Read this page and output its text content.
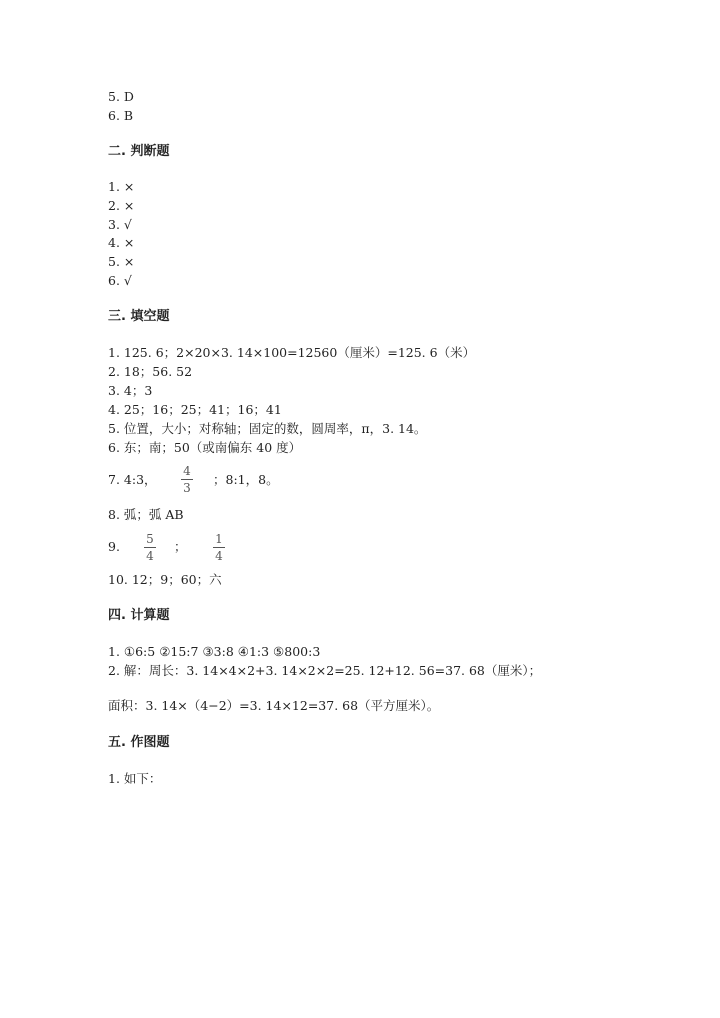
5. D
6. B
二. 判断题
1. ×
2. ×
3. √
4. ×
5. ×
6. √
三. 填空题
1. 125. 6；2×20×3. 14×100=12560（厘米）=125. 6（米）
2. 18；56. 52
3. 4；3
4. 25；16；25；41；16；41
5. 位置，大小；对称轴；固定的数，圆周率，π，3. 14。
6. 东；南；50（或南偏东 40 度）
7. 4:3，
4
3
；8:1，8。
8. 弧；弧 AB
9. 5
4
； 1
4
10. 12；9；60；六
四. 计算题
1. ①6:5 ②15:7 ③3:8 ④1:3 ⑤800:3
2. 解：周长：3. 14×4×2+3. 14×2×2=25. 12+12. 56=37. 68（厘米）；
面积：3. 14×（4−2）=3. 14×12=37. 68（平方厘米）。
五. 作图题
1. 如下：
